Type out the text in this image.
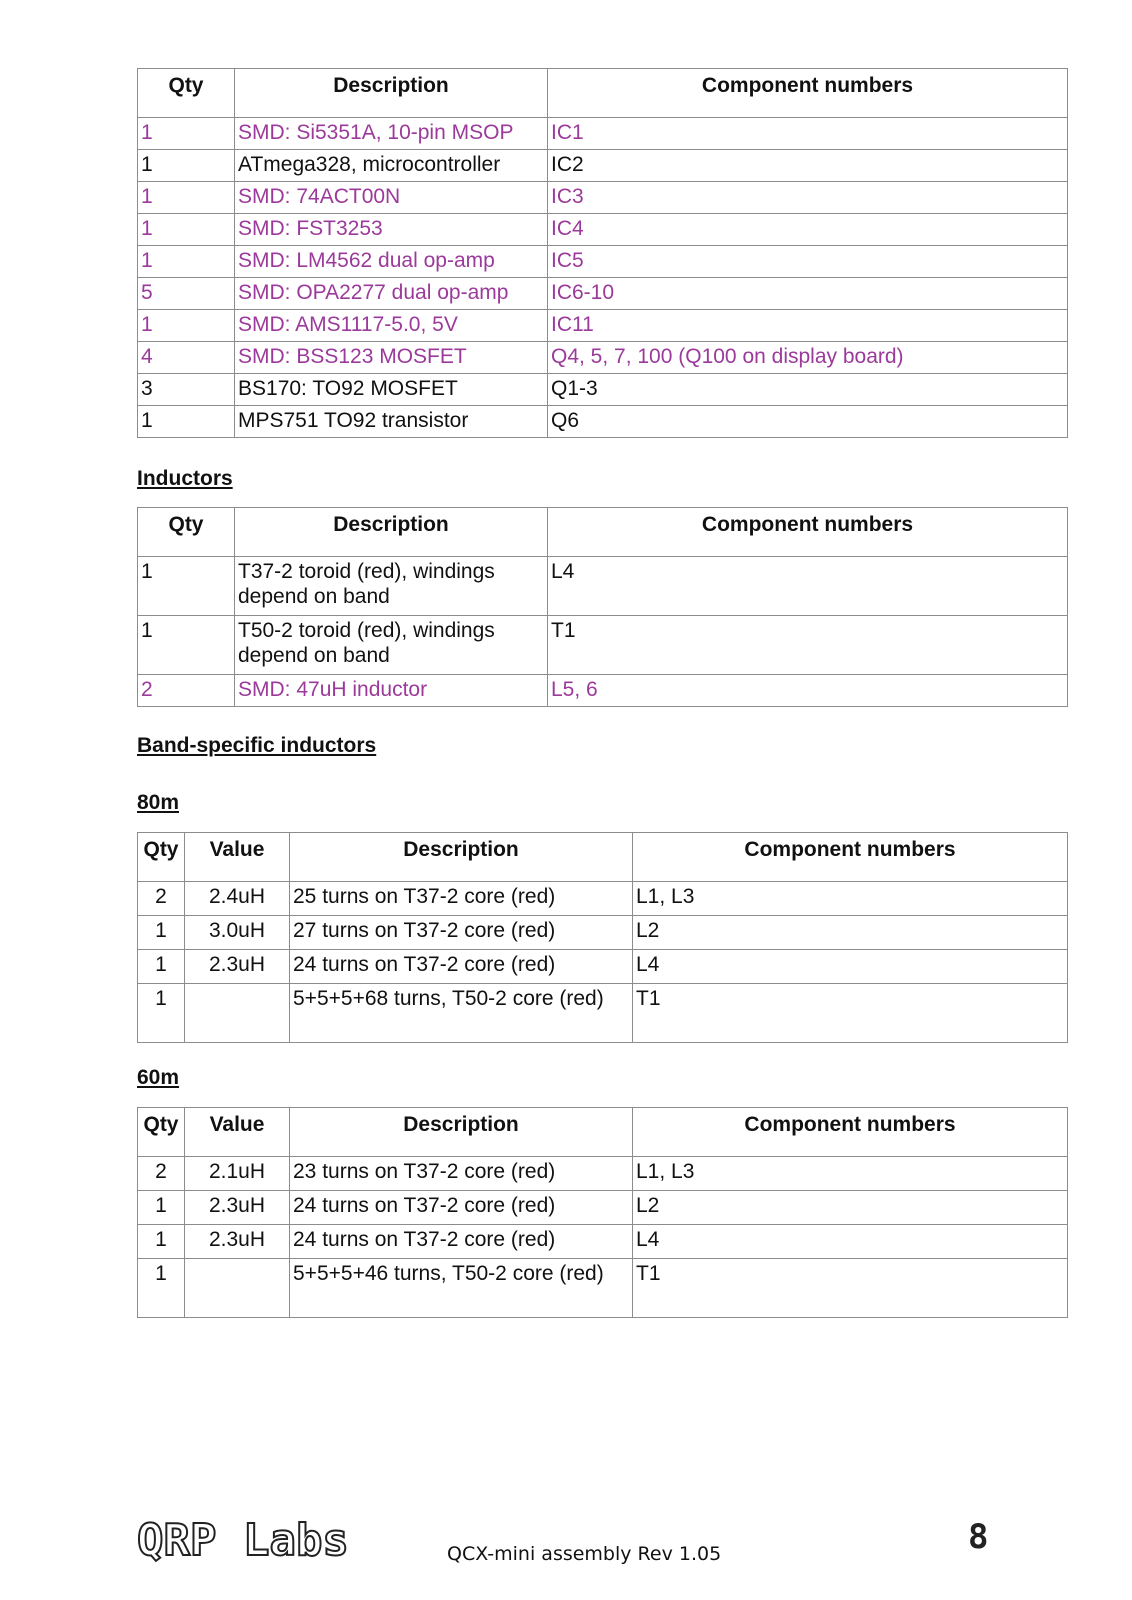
Qty	Description	Component numbers
1	SMD: Si5351A, 10-pin MSOP	IC1
1	ATmega328, microcontroller	IC2
1	SMD: 74ACT00N	IC3
1	SMD: FST3253	IC4
1	SMD: LM4562 dual op-amp	IC5
5	SMD: OPA2277 dual op-amp	IC6-10
1	SMD: AMS1117-5.0, 5V	IC11
4	SMD: BSS123 MOSFET	Q4, 5, 7, 100 (Q100 on display board)
3	BS170: TO92 MOSFET	Q1-3
1	MPS751 TO92 transistor	Q6
Inductors
Qty	Description	Component numbers
1	T37-2 toroid (red), windings depend on band	L4
1	T50-2 toroid (red), windings depend on band	T1
2	SMD: 47uH inductor	L5, 6
Band-specific inductors
80m
Qty	Value	Description	Component numbers
2	2.4uH	25 turns on T37-2 core (red)	L1, L3
1	3.0uH	27 turns on T37-2 core (red)	L2
1	2.3uH	24 turns on T37-2 core (red)	L4
1		5+5+5+68 turns, T50-2 core (red)	T1
60m
Qty	Value	Description	Component numbers
2	2.1uH	23 turns on T37-2 core (red)	L1, L3
1	2.3uH	24 turns on T37-2 core (red)	L2
1	2.3uH	24 turns on T37-2 core (red)	L4
1		5+5+5+46 turns, T50-2 core (red)	T1
QRP Labs	QCX-mini assembly Rev 1.05	8
